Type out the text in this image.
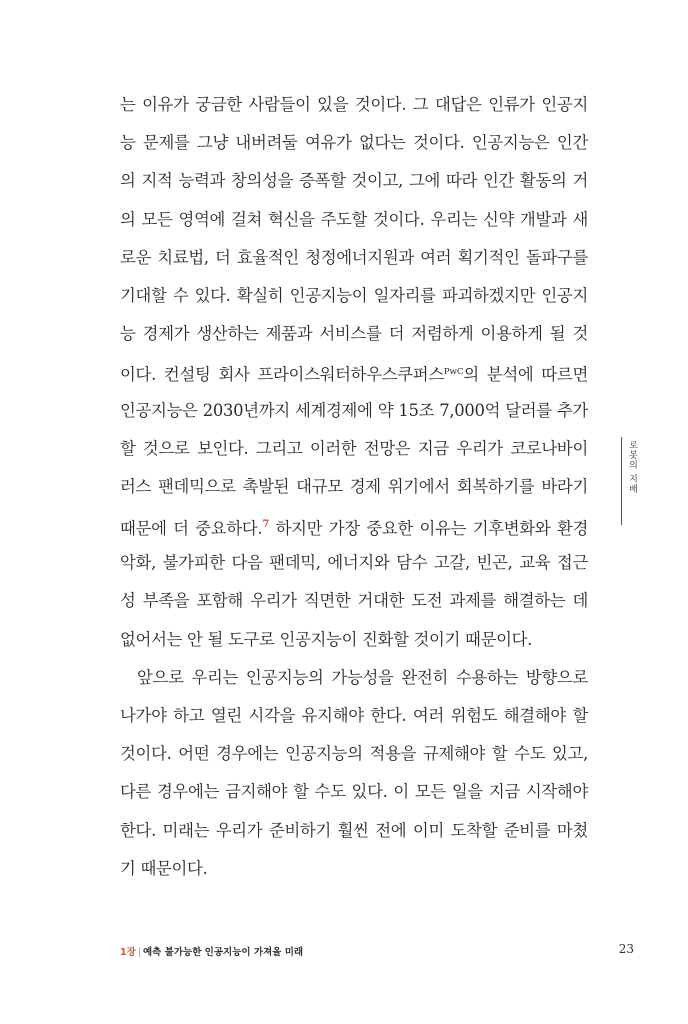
는 이유가 궁금한 사람들이 있을 것이다. 그 대답은 인류가 인공지
능 문제를 그냥 내버려둘 여유가 없다는 것이다. 인공지능은 인간
의 지적 능력과 창의성을 증폭할 것이고, 그에 따라 인간 활동의 거
의 모든 영역에 걸쳐 혁신을 주도할 것이다. 우리는 신약 개발과 새
로운 치료법, 더 효율적인 청정에너지원과 여러 획기적인 돌파구를
기대할 수 있다. 확실히 인공지능이 일자리를 파괴하겠지만 인공지
능 경제가 생산하는 제품과 서비스를 더 저렴하게 이용하게 될 것
이다. 컨설팅 회사 프라이스워터하우스쿠퍼스$^{PwC}$의 분석에 따르면
인공지능은 2030년까지 세계경제에 약 15조 7,000억 달러를 추가
할 것으로 보인다. 그리고 이러한 전망은 지금 우리가 코로나바이
러스 팬데믹으로 촉발된 대규모 경제 위기에서 회복하기를 바라기
때문에 더 중요하다.$^7$ 하지만 가장 중요한 이유는 기후변화와 환경
악화, 불가피한 다음 팬데믹, 에너지와 담수 고갈, 빈곤, 교육 접근
성 부족을 포함해 우리가 직면한 거대한 도전 과제를 해결하는 데
없어서는 안 될 도구로 인공지능이 진화할 것이기 때문이다.
앞으로 우리는 인공지능의 가능성을 완전히 수용하는 방향으로
나가야 하고 열린 시각을 유지해야 한다. 여러 위험도 해결해야 할
것이다. 어떤 경우에는 인공지능의 적용을 규제해야 할 수도 있고,
다른 경우에는 금지해야 할 수도 있다. 이 모든 일을 지금 시작해야
한다. 미래는 우리가 준비하기 훨씬 전에 이미 도착할 준비를 마쳤
기 때문이다.
로봇의 지배
1장 | 예측 불가능한 인공지능이 가져올 미래	23
